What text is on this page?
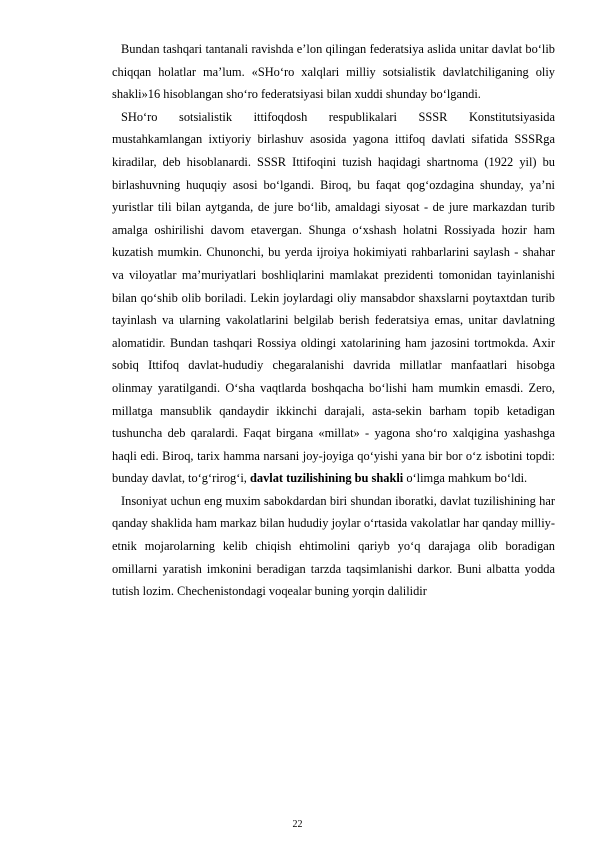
Bundan tashqari tantanali ravishda e’lon qilingan federatsiya aslida unitar davlat bo‘lib chiqqan holatlar ma’lum. «SHo‘ro xalqlari milliy sotsialistik davlatchiliganing oliy shakli»16 hisoblangan sho‘ro federatsiyasi bilan xuddi shunday bo‘lgandi.

SHo‘ro sotsialistik ittifoqdosh respublikalari SSSR Konstitutsiyasida mustahkamlangan ixtiyoriy birlashuv asosida yagona ittifoq davlati sifatida SSSRga kiradilar, deb hisoblanardi. SSSR Ittifoqini tuzish haqidagi shartnoma (1922 yil) bu birlashuvning huquqiy asosi bo‘lgandi. Biroq, bu faqat qog‘ozdagina shunday, ya’ni yuristlar tili bilan aytganda, de jure bo‘lib, amaldagi siyosat - de jure markazdan turib amalga oshirilishi davom etavergan. Shunga o‘xshash holatni Rossiyada hozir ham kuzatish mumkin. Chunonchi, bu yerda ijroiya hokimiyati rahbarlarini saylash - shahar va viloyatlar ma’muriyatlari boshliqlarini mamlakat prezidenti tomonidan tayinlanishi bilan qo‘shib olib boriladi. Lekin joylardagi oliy mansabdor shaxslarni poytaxtdan turib tayinlash va ularning vakolatlarini belgilab berish federatsiya emas, unitar davlatning alomatidir. Bundan tashqari Rossiya oldingi xatolarining ham jazosini tortmokda. Axir sobiq Ittifoq davlat-hududiy chegaralanishi davrida millatlar manfaatlari hisobga olinmay yaratilgandi. O‘sha vaqtlarda boshqacha bo‘lishi ham mumkin emasdi. Zero, millatga mansublik qandaydir ikkinchi darajali, asta-sekin barham topib ketadigan tushuncha deb qaralardi. Faqat birgana «millat» - yagona sho‘ro xalqigina yashashga haqli edi. Biroq, tarix hamma narsani joy-joyiga qo‘yishi yana bir bor o‘z isbotini topdi: bunday davlat, to‘g‘rirog‘i, davlat tuzilishining bu shakli o‘limga mahkum bo‘ldi.

Insoniyat uchun eng muxim sabokdardan biri shundan iboratki, davlat tuzilishining har qanday shaklida ham markaz bilan hududiy joylar o‘rtasida vakolatlar har qanday milliy-etnik mojarolarning kelib chiqish ehtimolini qariyb yo‘q darajaga olib boradigan omillarni yaratish imkonini beradigan tarzda taqsimlanishi darkor. Buni albatta yodda tutish lozim. Chechenistondagi voqealar buning yorqin dalilidir

22
